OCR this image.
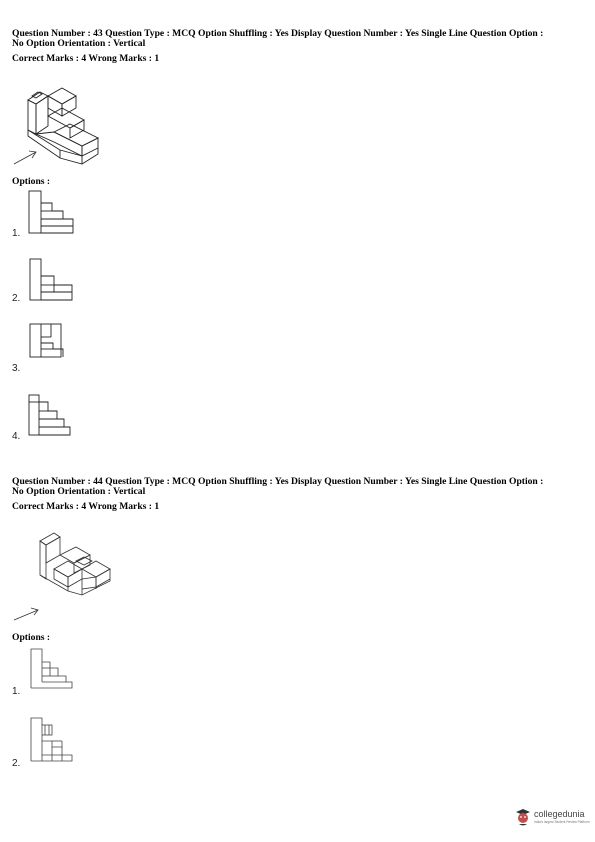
Question Number : 43 Question Type : MCQ Option Shuffling : Yes Display Question Number : Yes Single Line Question Option :
No Option Orientation : Vertical
Correct Marks : 4 Wrong Marks : 1
Options :
1.
2.
3.
4.
Question Number : 44 Question Type : MCQ Option Shuffling : Yes Display Question Number : Yes Single Line Question Option :
No Option Orientation : Vertical
Correct Marks : 4 Wrong Marks : 1
Options :
1.
2.
collegedunia
India's largest Student Review Platform
